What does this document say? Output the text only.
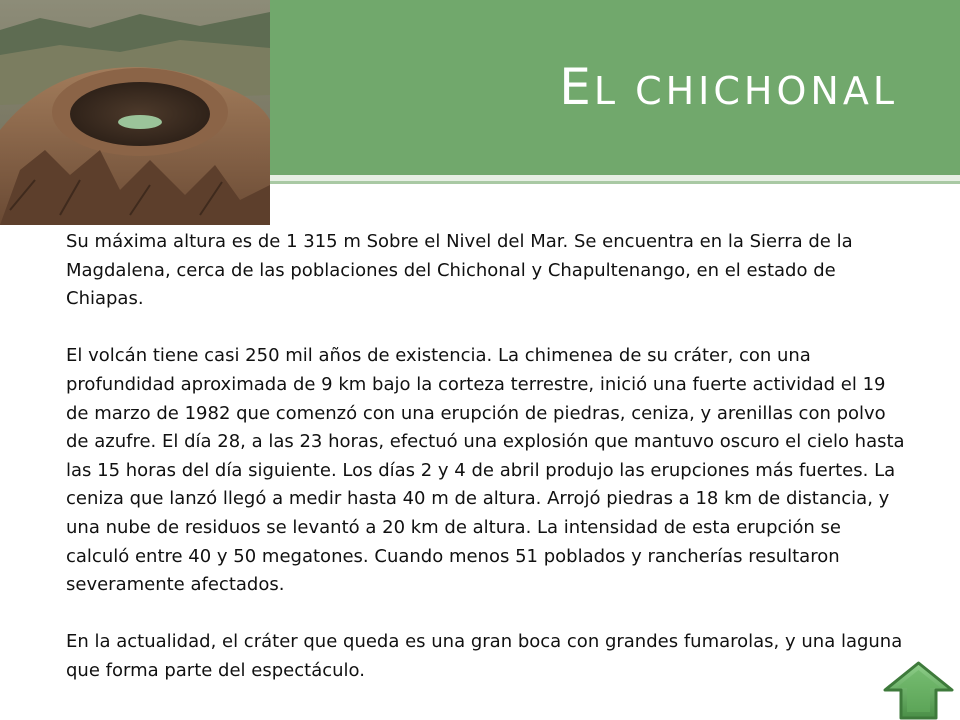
EL CHICHONAL

Su máxima altura es de 1 315 m Sobre el Nivel del Mar. Se encuentra en la Sierra de la Magdalena, cerca de las poblaciones del Chichonal y Chapultenango, en el estado de Chiapas.

El volcán tiene casi 250 mil años de existencia. La chimenea de su cráter, con una profundidad aproximada de 9 km bajo la corteza terrestre, inició una fuerte actividad el 19 de marzo de 1982 que comenzó con una erupción de piedras, ceniza, y arenillas con polvo de azufre. El día 28, a las 23 horas, efectuó una explosión que mantuvo oscuro el cielo hasta las 15 horas del día siguiente. Los días 2 y 4 de abril produjo las erupciones más fuertes. La ceniza que lanzó llegó a medir hasta 40 m de altura. Arrojó piedras a 18 km de distancia, y una nube de residuos se levantó a 20 km de altura. La intensidad de esta erupción se calculó entre 40 y 50 megatones. Cuando menos 51 poblados y rancherías resultaron severamente afectados.

En la actualidad, el cráter que queda es una gran boca con grandes fumarolas, y una laguna que forma parte del espectáculo.
